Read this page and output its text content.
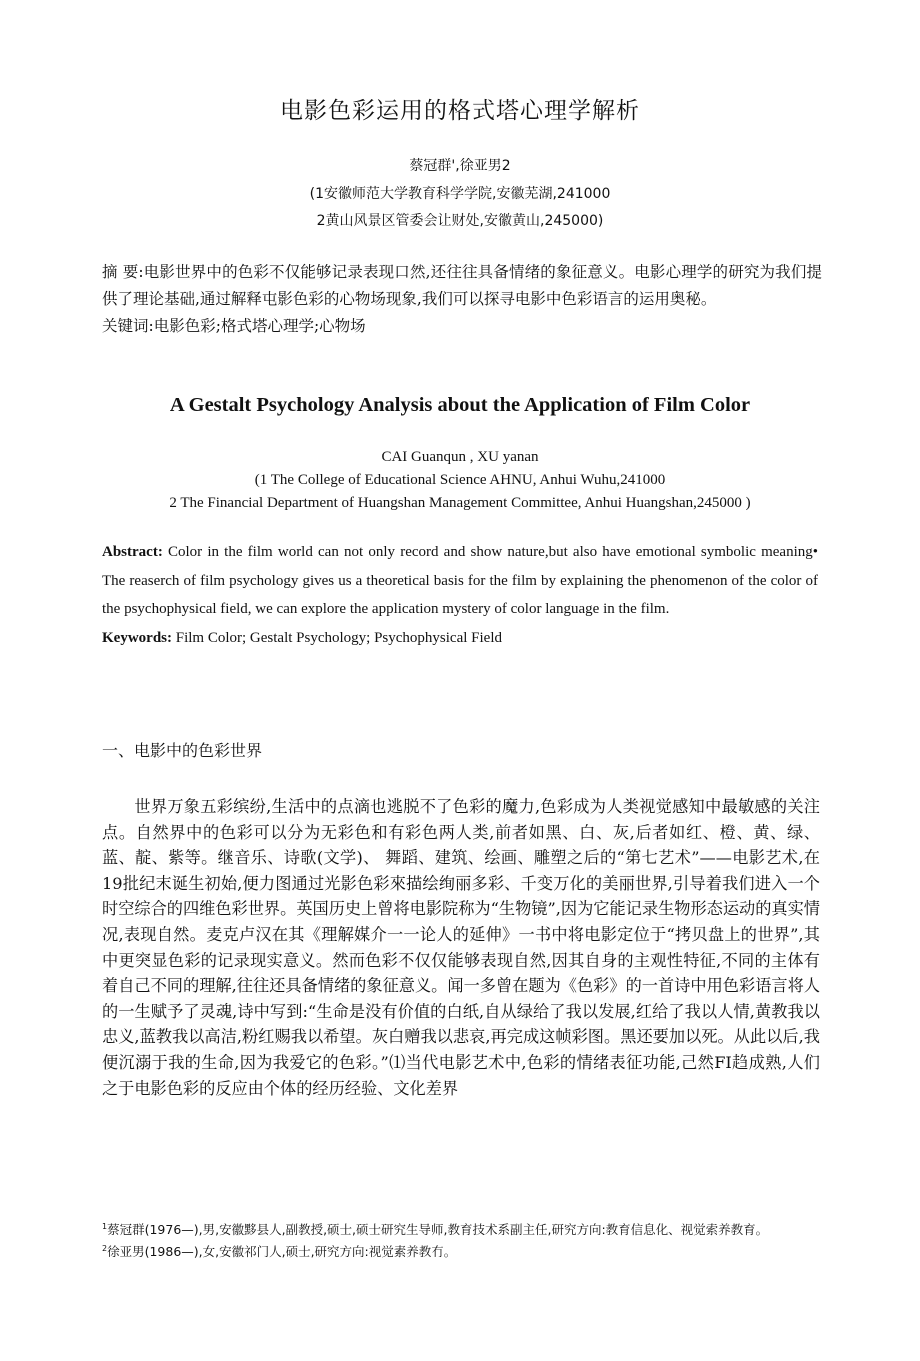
电影色彩运用的格式塔心理学解析
蔡冠群',徐亚男2
(1安徽师范大学教育科学学院,安徽芜湖,241000
2黄山风景区管委会让财处,安徽黄山,245000)

摘 要:电影世界中的色彩不仅能够记录表现口然,还往往具备情绪的象征意义。电影心理学的研究为我们提供了理论基础,通过解释屯影色彩的心物场现象,我们可以探寻电影中色彩语言的运用奥秘。

关键词:电影色彩;格式塔心理学;心物场

A Gestalt Psychology Analysis about the Application of Film Color
CAI Guanqun , XU yanan
(1 The College of Educational Science AHNU, Anhui Wuhu,241000
2 The Financial Department of Huangshan Management Committee, Anhui Huangshan,245000 )

Abstract: Color in the film world can not only record and show nature,but also have emotional symbolic meaning• The reaserch of film psychology gives us a theoretical basis for the film by explaining the phenomenon of the color of the psychophysical field, we can explore the application mystery of color language in the film.

Keywords: Film Color; Gestalt Psychology; Psychophysical Field

一、电影中的色彩世界

世界万象五彩缤纷,生活中的点滴也逃脱不了色彩的魔力,色彩成为人类视觉感知中最敏感的关注点。自然界中的色彩可以分为无彩色和有彩色两人类,前者如黑、白、灰,后者如红、橙、黄、绿、蓝、靛、紫等。继音乐、诗歌(文学)、 舞蹈、建筑、绘画、雕塑之后的“第七艺术”——电影艺术,在19批纪末诞生初始,便力图通过光影色彩來描绘绚丽多彩、千变万化的美丽世界,引导着我们进入一个时空综合的四维色彩世界。英国历史上曾将电影院称为“生物镜”,因为它能记录生物形态运动的真实情况,表现自然。麦克卢汉在其《理解媒介一一论人的延伸》一书中将电影定位于“拷贝盘上的世界”,其中更突显色彩的记录现实意义。然而色彩不仅仅能够表现自然,因其自身的主观性特征,不同的主体有着自己不同的理解,往往还具备情绪的象征意义。闻一多曾在题为《色彩》的一首诗中用色彩语言将人的一生赋予了灵魂,诗中写到:“生命是没有价值的白纸,自从绿给了我以发展,红给了我以人情,黄教我以忠义,蓝教我以高洁,粉红赐我以希望。灰白赠我以悲哀,再完成这帧彩图。黑还要加以死。从此以后,我便沉溺于我的生命,因为我爱它的色彩。”⑴当代电影艺术中,色彩的情绪表征功能,己然FI趋成熟,人们之于电影色彩的反应由个体的经历经验、文化差界

$^1$蔡冠群(1976—),男,安徽黟县人,副教授,硕士,硕士研究生导师,教育技术系副主任,研究方向:教育信息化、视觉索养教育。

$^2$徐亚男(1986—),女,安徽祁门人,硕士,研究方向:视觉素养教冇。
